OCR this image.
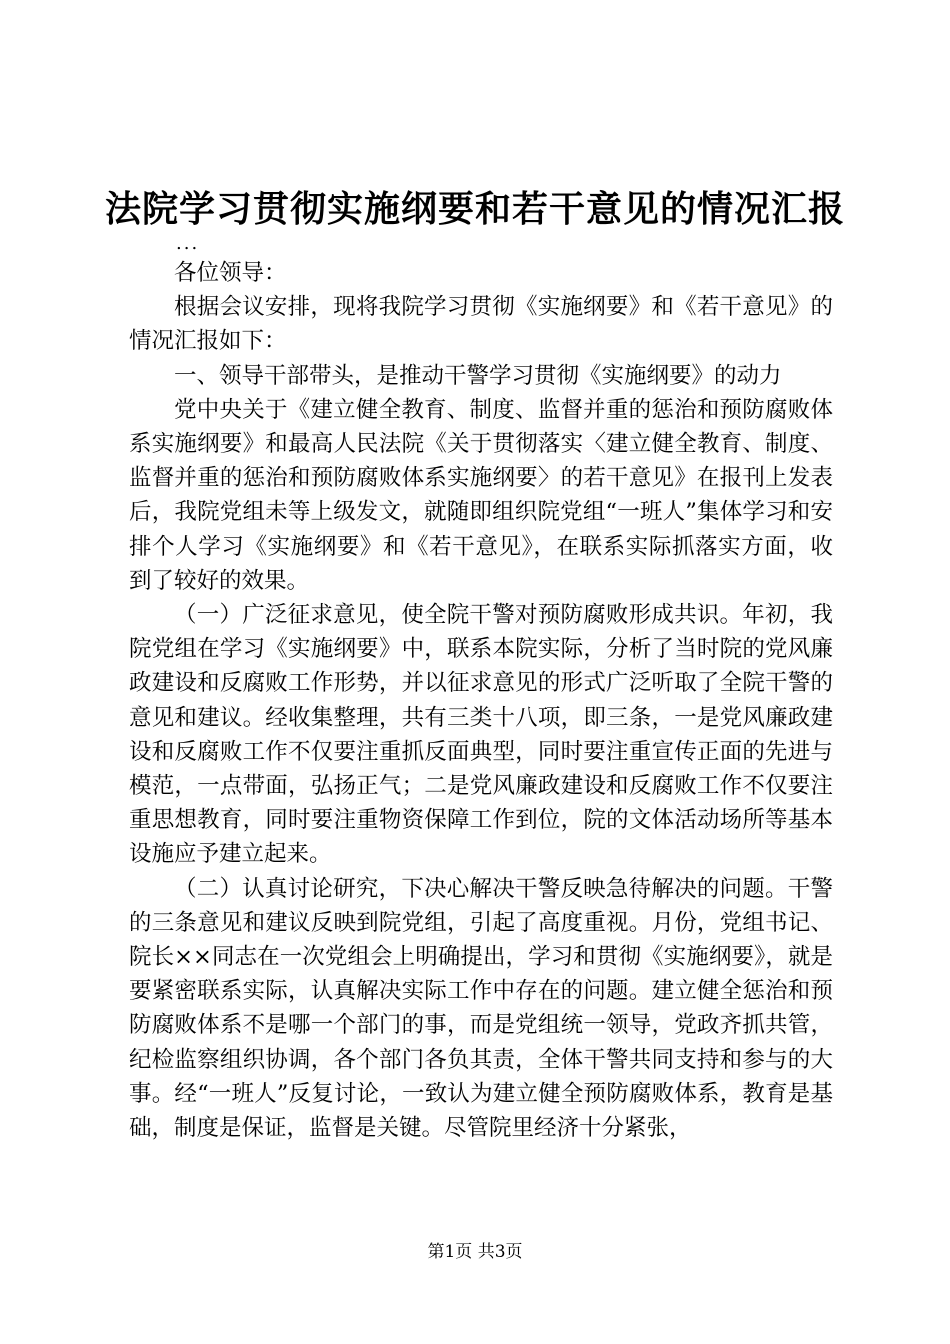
法院学习贯彻实施纲要和若干意见的情况汇报
...

各位领导：

根据会议安排，现将我院学习贯彻《实施纲要》和《若干意见》的情况汇报如下：

一、领导干部带头，是推动干警学习贯彻《实施纲要》的动力

党中央关于《建立健全教育、制度、监督并重的惩治和预防腐败体系实施纲要》和最高人民法院《关于贯彻落实〈建立健全教育、制度、监督并重的惩治和预防腐败体系实施纲要〉的若干意见》在报刊上发表后，我院党组未等上级发文，就随即组织院党组“一班人”集体学习和安排个人学习《实施纲要》和《若干意见》，在联系实际抓落实方面，收到了较好的效果。

（一）广泛征求意见，使全院干警对预防腐败形成共识。年初，我院党组在学习《实施纲要》中，联系本院实际，分析了当时院的党风廉政建设和反腐败工作形势，并以征求意见的形式广泛听取了全院干警的意见和建议。经收集整理，共有三类十八项，即三条，一是党风廉政建设和反腐败工作不仅要注重抓反面典型，同时要注重宣传正面的先进与模范，一点带面，弘扬正气；二是党风廉政建设和反腐败工作不仅要注重思想教育，同时要注重物资保障工作到位，院的文体活动场所等基本设施应予建立起来。

（二）认真讨论研究，下决心解决干警反映急待解决的问题。干警的三条意见和建议反映到院党组，引起了高度重视。月份，党组书记、院长××同志在一次党组会上明确提出，学习和贯彻《实施纲要》，就是要紧密联系实际，认真解决实际工作中存在的问题。建立健全惩治和预防腐败体系不是哪一个部门的事，而是党组统一领导，党政齐抓共管，纪检监察组织协调，各个部门各负其责，全体干警共同支持和参与的大事。经“一班人”反复讨论，一致认为建立健全预防腐败体系，教育是基础，制度是保证，监督是关键。尽管院里经济十分紧张，

第1页 共3页
